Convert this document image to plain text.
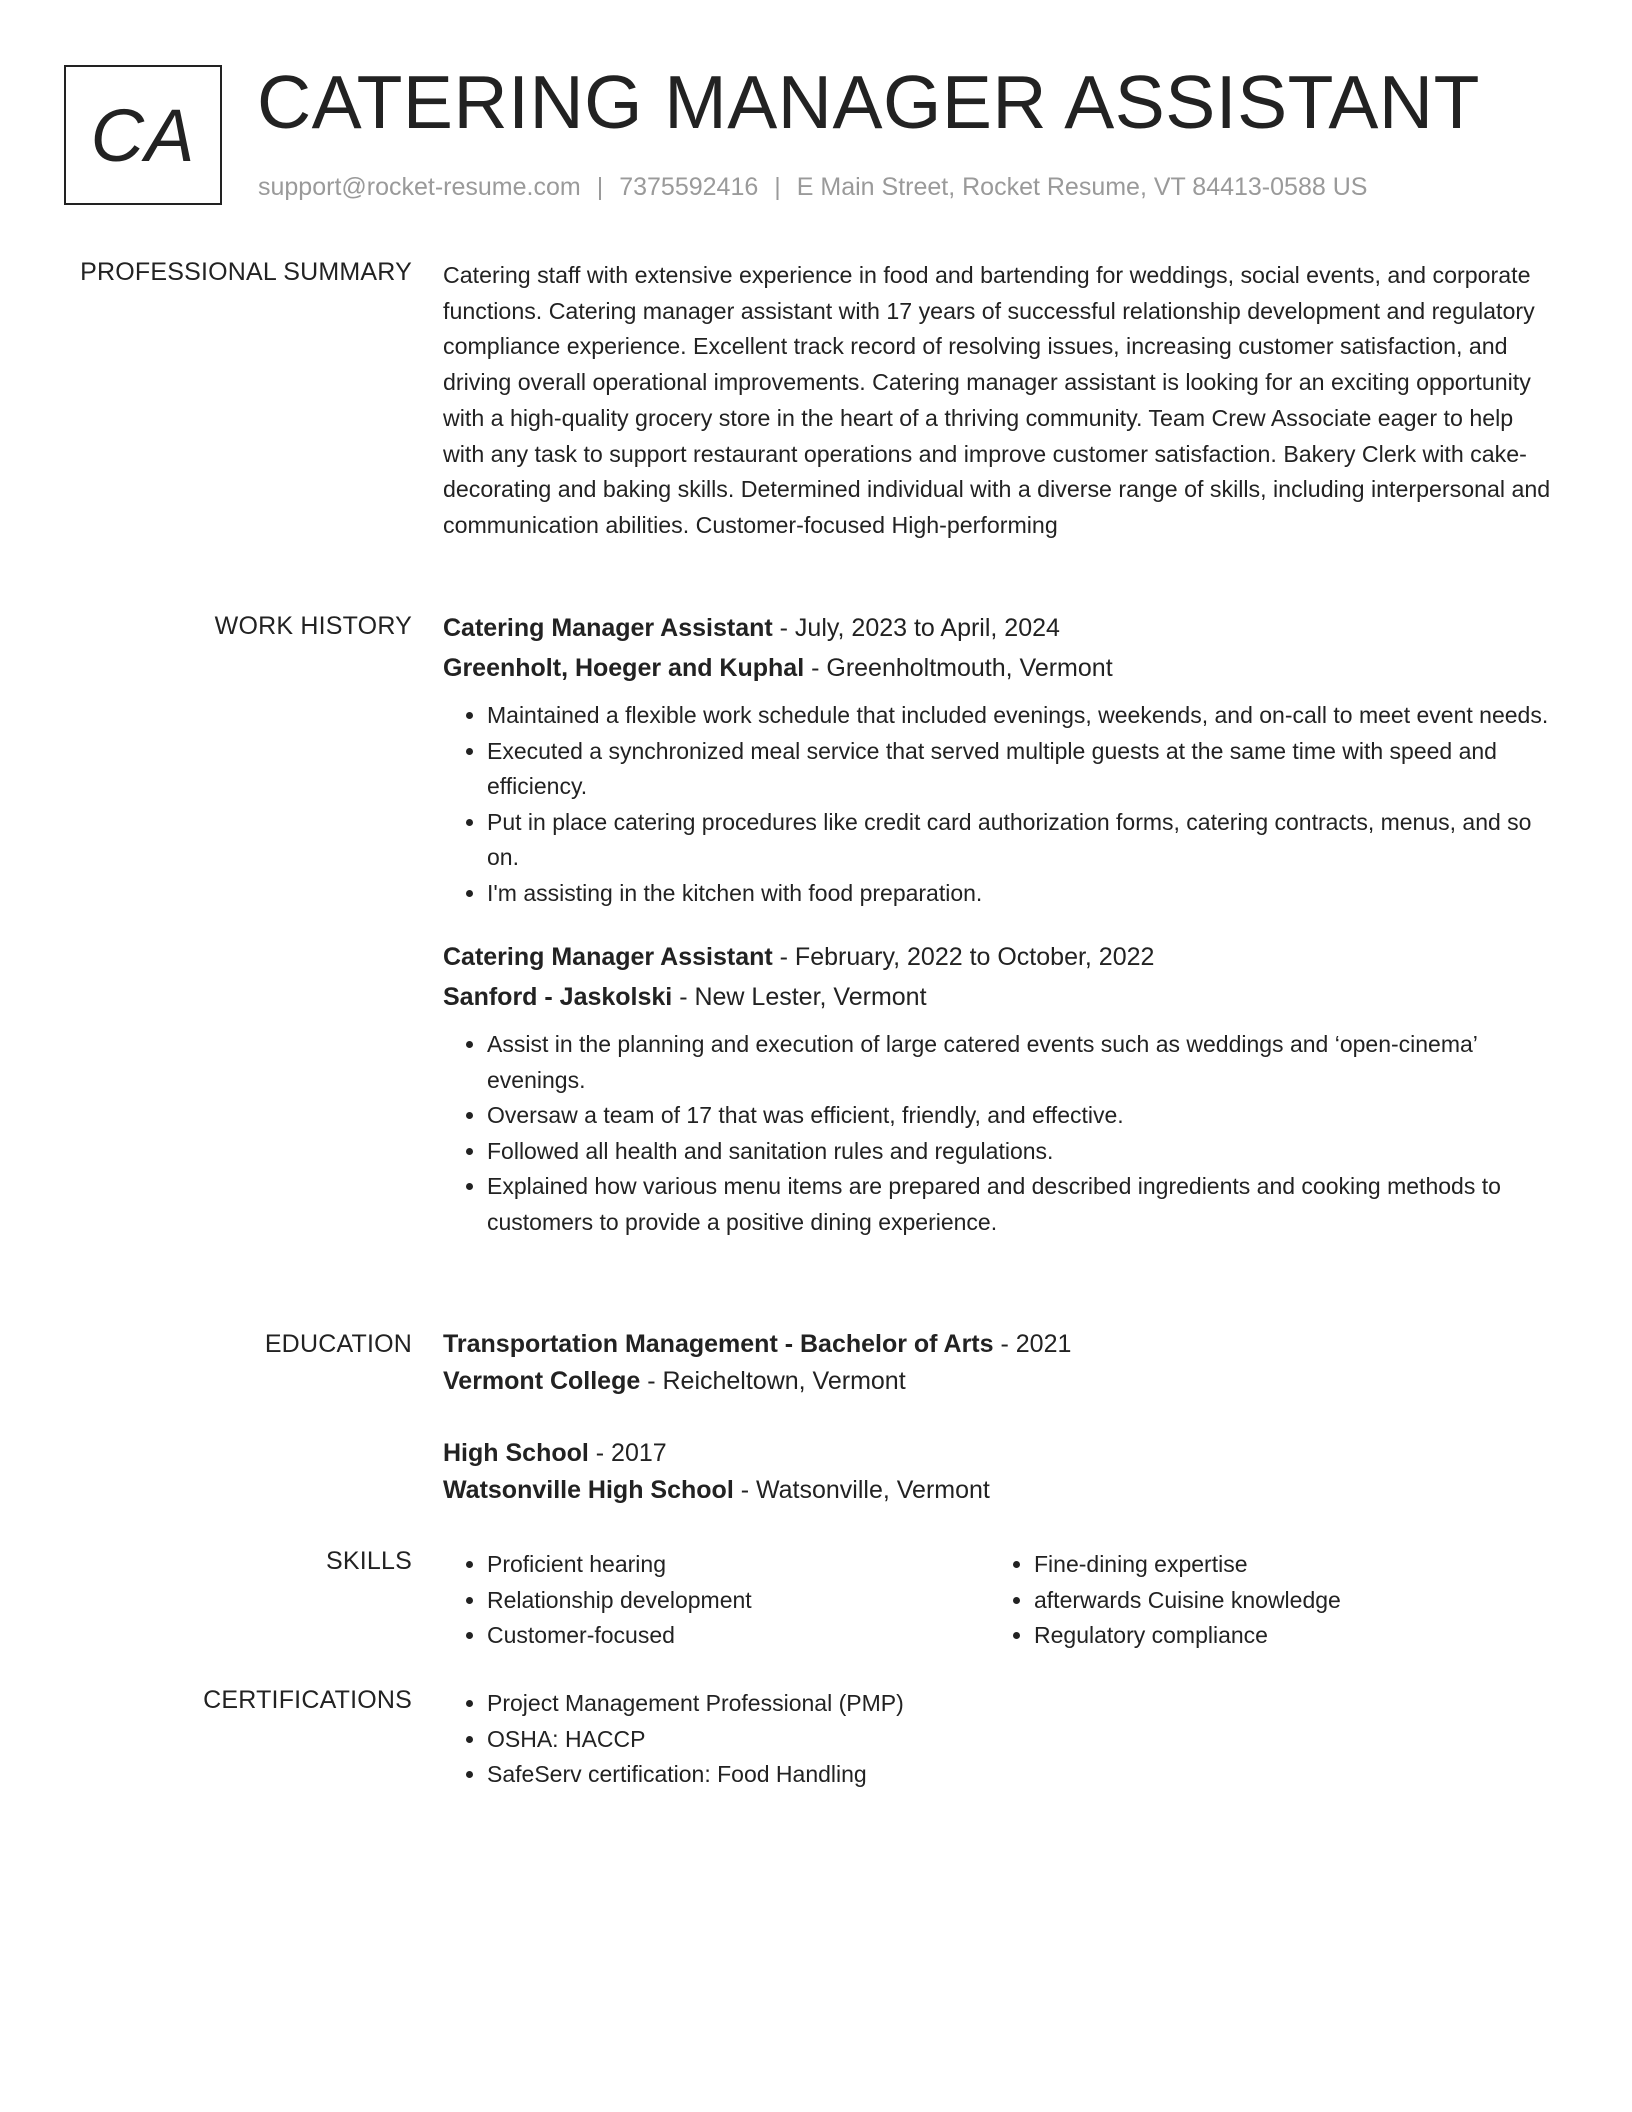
CA CATERING MANAGER ASSISTANT
support@rocket-resume.com | 7375592416 | E Main Street, Rocket Resume, VT 84413-0588 US
PROFESSIONAL SUMMARY Catering staff with extensive experience in food and bartending for weddings, social events, and corporate functions. Catering manager assistant with 17 years of successful relationship development and regulatory compliance experience. Excellent track record of resolving issues, increasing customer satisfaction, and driving overall operational improvements. Catering manager assistant is looking for an exciting opportunity with a high-quality grocery store in the heart of a thriving community. Team Crew Associate eager to help with any task to support restaurant operations and improve customer satisfaction. Bakery Clerk with cake-decorating and baking skills. Determined individual with a diverse range of skills, including interpersonal and communication abilities. Customer-focused High-performing
WORK HISTORY Catering Manager Assistant - July, 2023 to April, 2024
Greenholt, Hoeger and Kuphal - Greenholtmouth, Vermont
• Maintained a flexible work schedule that included evenings, weekends, and on-call to meet event needs.
• Executed a synchronized meal service that served multiple guests at the same time with speed and efficiency.
• Put in place catering procedures like credit card authorization forms, catering contracts, menus, and so on.
• I'm assisting in the kitchen with food preparation.
Catering Manager Assistant - February, 2022 to October, 2022
Sanford - Jaskolski - New Lester, Vermont
• Assist in the planning and execution of large catered events such as weddings and ‘open-cinema’ evenings.
• Oversaw a team of 17 that was efficient, friendly, and effective.
• Followed all health and sanitation rules and regulations.
• Explained how various menu items are prepared and described ingredients and cooking methods to customers to provide a positive dining experience.
EDUCATION Transportation Management - Bachelor of Arts - 2021
Vermont College - Reicheltown, Vermont
High School - 2017
Watsonville High School - Watsonville, Vermont
SKILLS	• Proficient hearing
• Relationship development
• Customer-focused
• Fine-dining expertise
• afterwards Cuisine knowledge
• Regulatory compliance
CERTIFICATIONS	• Project Management Professional (PMP)
• OSHA: HACCP
• SafeServ certification: Food Handling
